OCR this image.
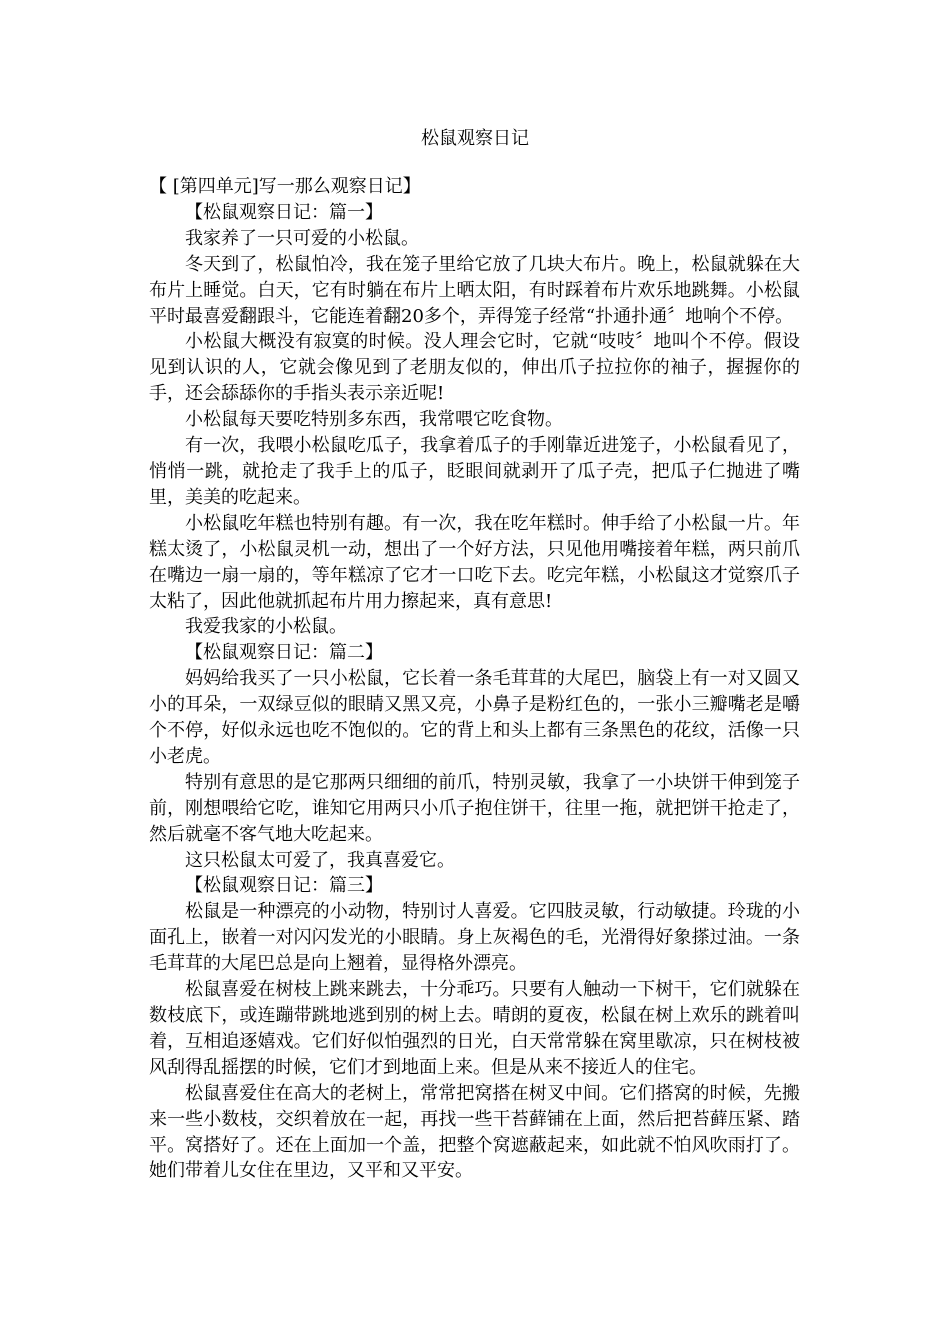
松鼠观察日记

【 [第四单元]写一那么观察日记】

【松鼠观察日记：篇一】

我家养了一只可爱的小松鼠。

冬天到了，松鼠怕冷，我在笼子里给它放了几块大布片。晚上，松鼠就躲在大布片上睡觉。白天，它有时躺在布片上晒太阳，有时踩着布片欢乐地跳舞。小松鼠平时最喜爱翻跟斗，它能连着翻20多个，弄得笼子经常“扑通扑通〞地响个不停。

小松鼠大概没有寂寞的时候。没人理会它时，它就“吱吱〞地叫个不停。假设见到认识的人，它就会像见到了老朋友似的，伸出爪子拉拉你的袖子，握握你的手，还会舔舔你的手指头表示亲近呢!

小松鼠每天要吃特别多东西，我常喂它吃食物。

有一次，我喂小松鼠吃瓜子，我拿着瓜子的手刚靠近进笼子，小松鼠看见了，悄悄一跳，就抢走了我手上的瓜子，眨眼间就剥开了瓜子壳，把瓜子仁抛进了嘴里，美美的吃起来。

小松鼠吃年糕也特别有趣。有一次，我在吃年糕时。伸手给了小松鼠一片。年糕太烫了，小松鼠灵机一动，想出了一个好方法，只见他用嘴接着年糕，两只前爪在嘴边一扇一扇的，等年糕凉了它才一口吃下去。吃完年糕，小松鼠这才觉察爪子太粘了，因此他就抓起布片用力擦起来，真有意思!

我爱我家的小松鼠。

【松鼠观察日记：篇二】

妈妈给我买了一只小松鼠，它长着一条毛茸茸的大尾巴，脑袋上有一对又圆又小的耳朵，一双绿豆似的眼睛又黑又亮，小鼻子是粉红色的，一张小三瓣嘴老是嚼个不停，好似永远也吃不饱似的。它的背上和头上都有三条黑色的花纹，活像一只小老虎。

特别有意思的是它那两只细细的前爪，特别灵敏，我拿了一小块饼干伸到笼子前，刚想喂给它吃，谁知它用两只小爪子抱住饼干，往里一拖，就把饼干抢走了，然后就毫不客气地大吃起来。

这只松鼠太可爱了，我真喜爱它。

【松鼠观察日记：篇三】

松鼠是一种漂亮的小动物，特别讨人喜爱。它四肢灵敏，行动敏捷。玲珑的小面孔上，嵌着一对闪闪发光的小眼睛。身上灰褐色的毛，光滑得好象搽过油。一条毛茸茸的大尾巴总是向上翘着，显得格外漂亮。

松鼠喜爱在树枝上跳来跳去，十分乖巧。只要有人触动一下树干，它们就躲在数枝底下，或连蹦带跳地逃到别的树上去。晴朗的夏夜，松鼠在树上欢乐的跳着叫着，互相追逐嬉戏。它们好似怕强烈的日光，白天常常躲在窝里歇凉，只在树枝被风刮得乱摇摆的时候，它们才到地面上来。但是从来不接近人的住宅。

松鼠喜爱住在高大的老树上，常常把窝搭在树叉中间。它们搭窝的时候，先搬来一些小数枝，交织着放在一起，再找一些干苔藓铺在上面，然后把苔藓压紧、踏平。窝搭好了。还在上面加一个盖，把整个窝遮蔽起来，如此就不怕风吹雨打了。她们带着儿女住在里边，又平和又平安。
